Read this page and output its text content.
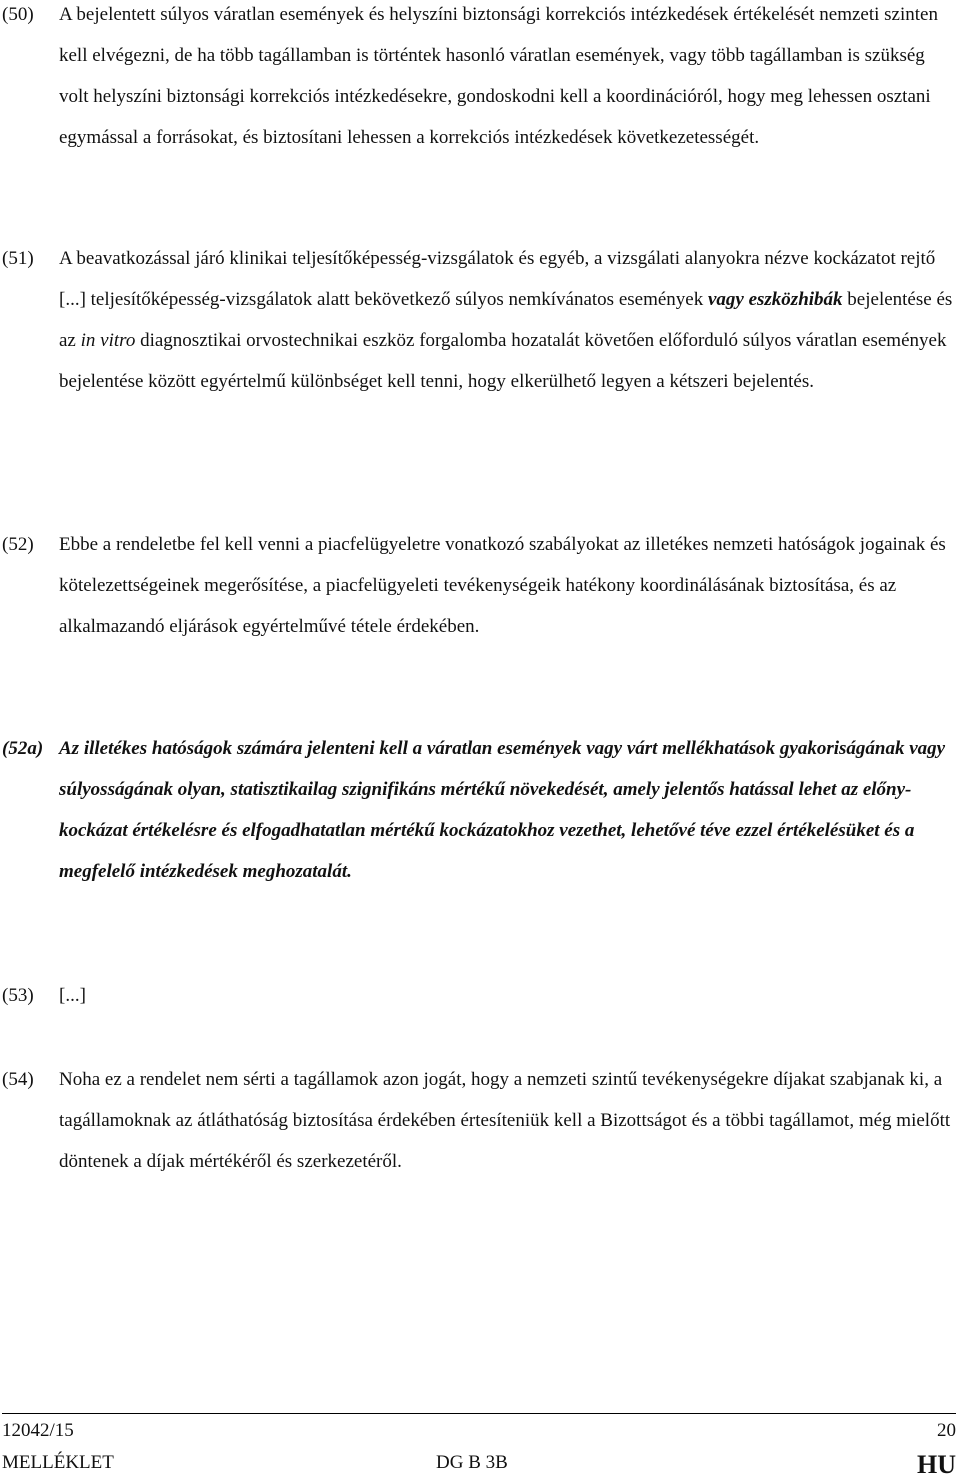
(50) A bejelentett súlyos váratlan események és helyszíni biztonsági korrekciós intézkedések értékelését nemzeti szinten kell elvégezni, de ha több tagállamban is történtek hasonló váratlan események, vagy több tagállamban is szükség volt helyszíni biztonsági korrekciós intézkedésekre, gondoskodni kell a koordinációról, hogy meg lehessen osztani egymással a forrásokat, és biztosítani lehessen a korrekciós intézkedések következetességét.
(51) A beavatkozással járó klinikai teljesítőképesség-vizsgálatok és egyéb, a vizsgálati alanyokra nézve kockázatot rejtő [...] teljesítőképesség-vizsgálatok alatt bekövetkező súlyos nemkívánatos események vagy eszközhibák bejelentése és az in vitro diagnosztikai orvostechnikai eszköz forgalomba hozatalát követően előforduló súlyos váratlan események bejelentése között egyértelmű különbséget kell tenni, hogy elkerülhető legyen a kétszeri bejelentés.
(52) Ebbe a rendeletbe fel kell venni a piacfelügyeletre vonatkozó szabályokat az illetékes nemzeti hatóságok jogainak és kötelezettségeinek megerősítése, a piacfelügyeleti tevékenységeik hatékony koordinálásának biztosítása, és az alkalmazandó eljárások egyértelművé tétele érdekében.
(52a) Az illetékes hatóságok számára jelenteni kell a váratlan események vagy várt mellékhatások gyakoriságának vagy súlyosságának olyan, statisztikailag szignifikáns mértékű növekedését, amely jelentős hatással lehet az előny-kockázat értékelésre és elfogadhatatlan mértékű kockázatokhoz vezethet, lehetővé téve ezzel értékelésüket és a megfelelő intézkedések meghozatalát.
(53) [...]
(54) Noha ez a rendelet nem sérti a tagállamok azon jogát, hogy a nemzeti szintű tevékenységekre díjakat szabjanak ki, a tagállamoknak az átláthatóság biztosítása érdekében értesíteniük kell a Bizottságot és a többi tagállamot, még mielőtt döntenek a díjak mértékéről és szerkezetéről.
12042/15	20
MELLÉKLET	DG B 3B	HU
